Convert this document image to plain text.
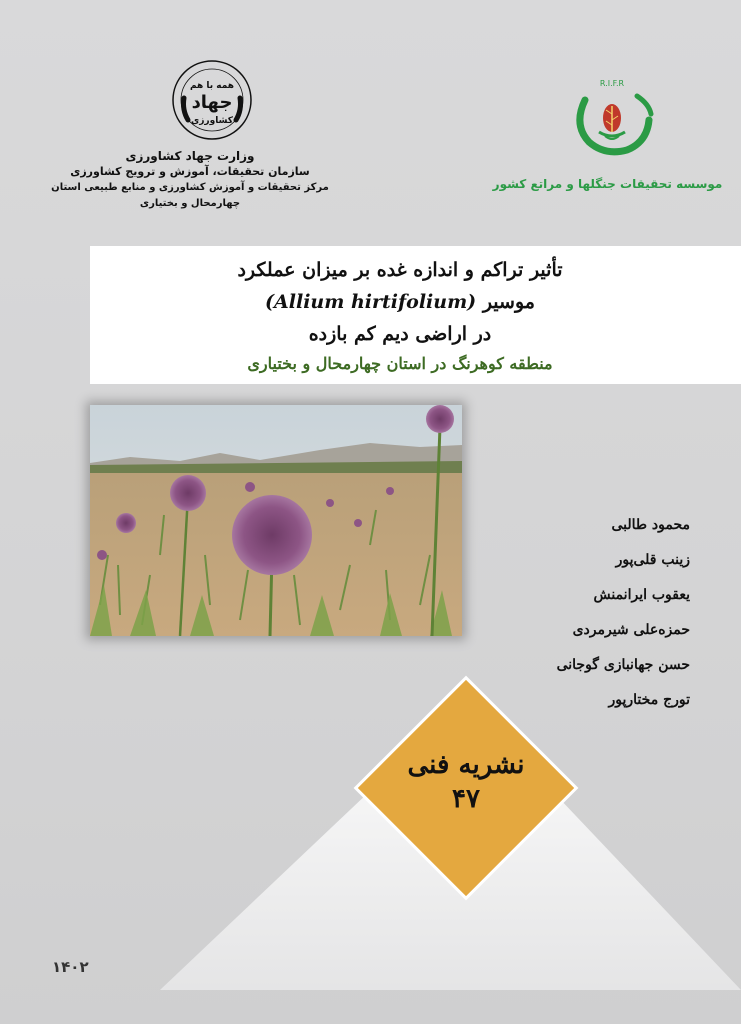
همه با هم
جهاد
کشاورزی
وزارت جهاد کشاورزی
سازمان تحقیقات، آموزش و ترویج کشاورزی
مرکز تحقیقات و آموزش کشاورزی و منابع طبیعی استان چهارمحال و بختیاری
R.I.F.R
موسسه تحقیقات جنگلها و مراتع کشور
تأثیر تراکم و اندازه غده بر میزان عملکرد
موسیر (Allium hirtifolium)
در اراضی دیم کم بازده
منطقه کوهرنگ در استان چهارمحال و بختیاری
محمود طالبی
زینب قلی‌پور
یعقوب ایرانمنش
حمزه‌علی شیرمردی
حسن جهانبازی گوجانی
تورج مختارپور
نشریه فنی
۴۷
۱۴۰۲
